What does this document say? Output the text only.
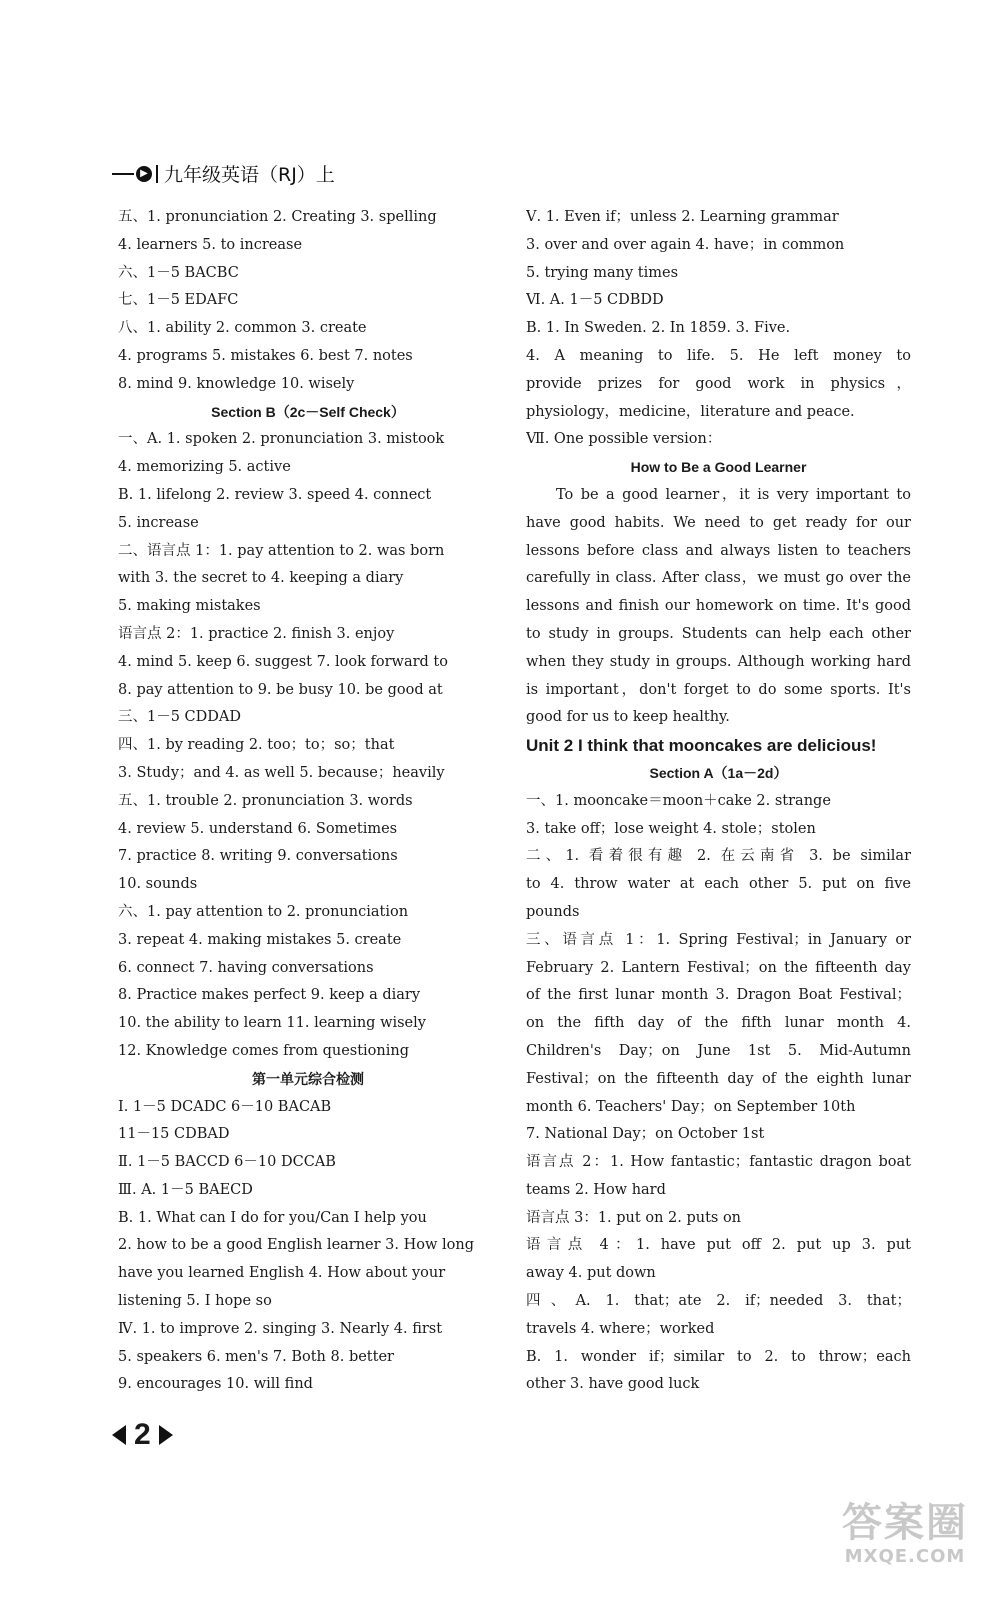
▶ 九年级英语（RJ）上
五、1. pronunciation 2. Creating 3. spelling
4. learners 5. to increase
六、1－5 BACBC
七、1－5 EDAFC
八、1. ability 2. common 3. create
4. programs 5. mistakes 6. best 7. notes
8. mind 9. knowledge 10. wisely
Section B（2c－Self Check）
一、A. 1. spoken 2. pronunciation 3. mistook
4. memorizing 5. active
B. 1. lifelong 2. review 3. speed 4. connect
5. increase
二、语言点 1：1. pay attention to 2. was born
with 3. the secret to 4. keeping a diary
5. making mistakes
语言点 2：1. practice 2. finish 3. enjoy
4. mind 5. keep 6. suggest 7. look forward to
8. pay attention to 9. be busy 10. be good at
三、1－5 CDDAD
四、1. by reading 2. too；to；so；that
3. Study；and 4. as well 5. because；heavily
五、1. trouble 2. pronunciation 3. words
4. review 5. understand 6. Sometimes
7. practice 8. writing 9. conversations
10. sounds
六、1. pay attention to 2. pronunciation
3. repeat 4. making mistakes 5. create
6. connect 7. having conversations
8. Practice makes perfect 9. keep a diary
10. the ability to learn 11. learning wisely
12. Knowledge comes from questioning
第一单元综合检测
Ⅰ. 1－5 DCADC 6－10 BACAB
11－15 CDBAD
Ⅱ. 1－5 BACCD 6－10 DCCAB
Ⅲ. A. 1－5 BAECD
B. 1. What can I do for you/Can I help you
2. how to be a good English learner 3. How long
have you learned English 4. How about your
listening 5. I hope so
Ⅳ. 1. to improve 2. singing 3. Nearly 4. first
5. speakers 6. men's 7. Both 8. better
9. encourages 10. will find
Ⅴ. 1. Even if；unless 2. Learning grammar
3. over and over again 4. have；in common
5. trying many times
Ⅵ. A. 1－5 CDBDD
B. 1. In Sweden. 2. In 1859. 3. Five.
4. A meaning to life. 5. He left money to
provide prizes for good work in physics，
physiology，medicine，literature and peace.
Ⅶ. One possible version：
How to Be a Good Learner
To be a good learner，it is very important to
have good habits. We need to get ready for our
lessons before class and always listen to teachers
carefully in class. After class，we must go over the
lessons and finish our homework on time. It's good
to study in groups. Students can help each other
when they study in groups. Although working hard
is important，don't forget to do some sports. It's
good for us to keep healthy.
Unit 2 I think that mooncakes are delicious!
Section A（1a－2d）
一、1. mooncake＝moon＋cake 2. strange
3. take off；lose weight 4. stole；stolen
二、1. 看着很有趣 2. 在云南省 3. be similar
to 4. throw water at each other 5. put on five
pounds
三、语言点 1：1. Spring Festival；in January or
February 2. Lantern Festival；on the fifteenth day
of the first lunar month 3. Dragon Boat Festival；
on the fifth day of the fifth lunar month 4.
Children's Day；on June 1st 5. Mid-Autumn
Festival；on the fifteenth day of the eighth lunar
month 6. Teachers' Day；on September 10th
7. National Day；on October 1st
语言点 2：1. How fantastic；fantastic dragon boat
teams 2. How hard
语言点 3：1. put on 2. puts on
语言点 4：1. have put off 2. put up 3. put
away 4. put down
四、A. 1. that；ate 2. if；needed 3. that；
travels 4. where；worked
B. 1. wonder if；similar to 2. to throw；each
other 3. have good luck
2
答案圈
MXQE.COM
